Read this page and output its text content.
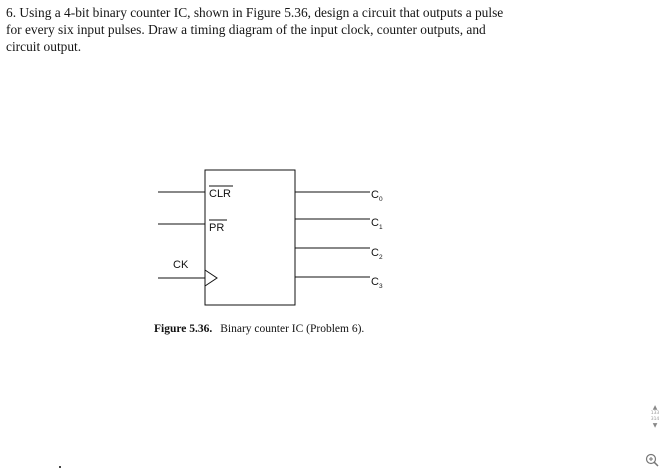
6. Using a 4-bit binary counter IC, shown in Figure 5.36, design a circuit that outputs a pulse for every six input pulses. Draw a timing diagram of the input clock, counter outputs, and circuit output.

CLR
PR
CK
$C_0$
$C_1$
$C_2$
$C_3$
Figure 5.36. Binary counter IC (Problem 6).
▲
133
314
▼
